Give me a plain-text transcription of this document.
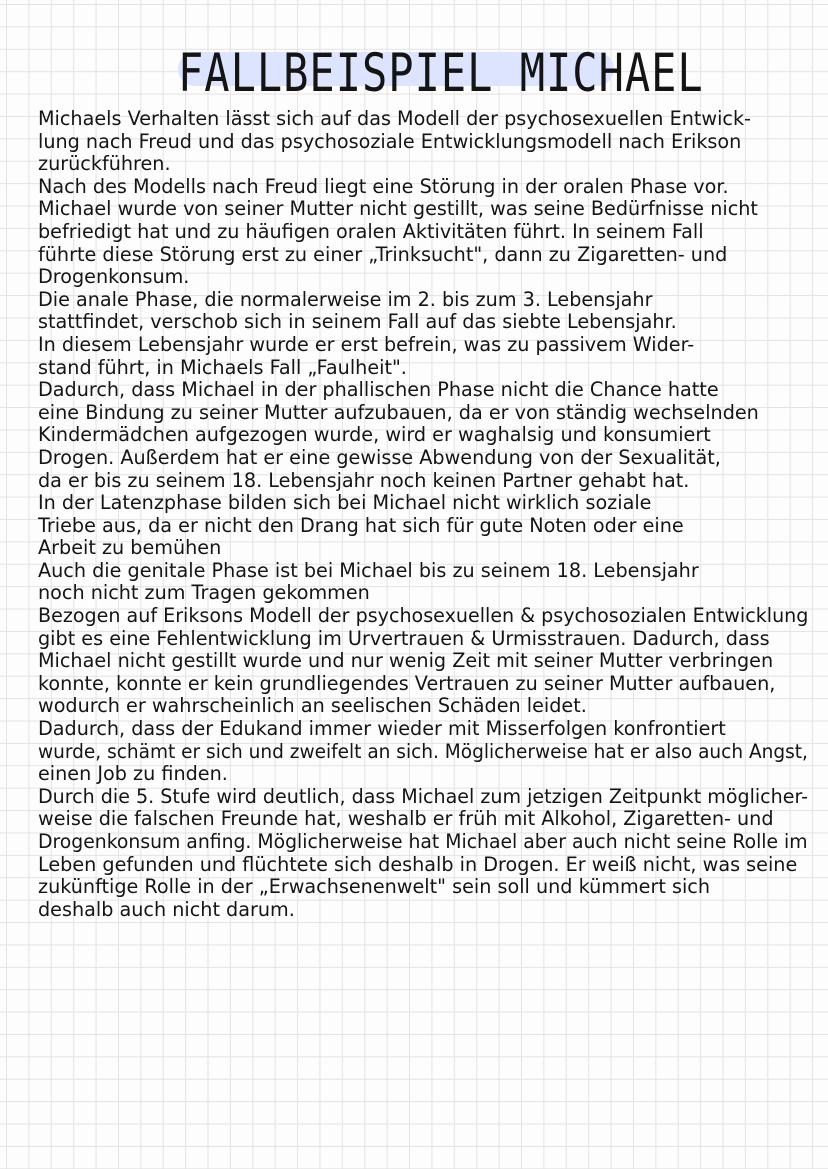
FALLBEISPIEL MICHAEL
Michaels Verhalten lässt sich auf das Modell der psychosexuellen Entwick-
lung nach Freud und das psychosoziale Entwicklungsmodell nach Erikson
zurückführen.
Nach des Modells nach Freud liegt eine Störung in der oralen Phase vor.
Michael wurde von seiner Mutter nicht gestillt, was seine Bedürfnisse nicht
befriedigt hat und zu häufigen oralen Aktivitäten führt. In seinem Fall
führte diese Störung erst zu einer „Trinksucht", dann zu Zigaretten- und
Drogenkonsum.
Die anale Phase, die normalerweise im 2. bis zum 3. Lebensjahr
stattfindet, verschob sich in seinem Fall auf das siebte Lebensjahr.
In diesem Lebensjahr wurde er erst befrein, was zu passivem Wider-
stand führt, in Michaels Fall „Faulheit".
Dadurch, dass Michael in der phallischen Phase nicht die Chance hatte
eine Bindung zu seiner Mutter aufzubauen, da er von ständig wechselnden
Kindermädchen aufgezogen wurde, wird er waghalsig und konsumiert
Drogen. Außerdem hat er eine gewisse Abwendung von der Sexualität,
da er bis zu seinem 18. Lebensjahr noch keinen Partner gehabt hat.
In der Latenzphase bilden sich bei Michael nicht wirklich soziale
Triebe aus, da er nicht den Drang hat sich für gute Noten oder eine
Arbeit zu bemühen
Auch die genitale Phase ist bei Michael bis zu seinem 18. Lebensjahr
noch nicht zum Tragen gekommen
Bezogen auf Eriksons Modell der psychosexuellen & psychosozialen Entwicklung
gibt es eine Fehlentwicklung im Urvertrauen & Urmisstrauen. Dadurch, dass
Michael nicht gestillt wurde und nur wenig Zeit mit seiner Mutter verbringen
konnte, konnte er kein grundliegendes Vertrauen zu seiner Mutter aufbauen,
wodurch er wahrscheinlich an seelischen Schäden leidet.
Dadurch, dass der Edukand immer wieder mit Misserfolgen konfrontiert
wurde, schämt er sich und zweifelt an sich. Möglicherweise hat er also auch Angst,
einen Job zu finden.
Durch die 5. Stufe wird deutlich, dass Michael zum jetzigen Zeitpunkt möglicher-
weise die falschen Freunde hat, weshalb er früh mit Alkohol, Zigaretten- und
Drogenkonsum anfing. Möglicherweise hat Michael aber auch nicht seine Rolle im
Leben gefunden und flüchtete sich deshalb in Drogen. Er weiß nicht, was seine
zukünftige Rolle in der „Erwachsenenwelt" sein soll und kümmert sich
deshalb auch nicht darum.
